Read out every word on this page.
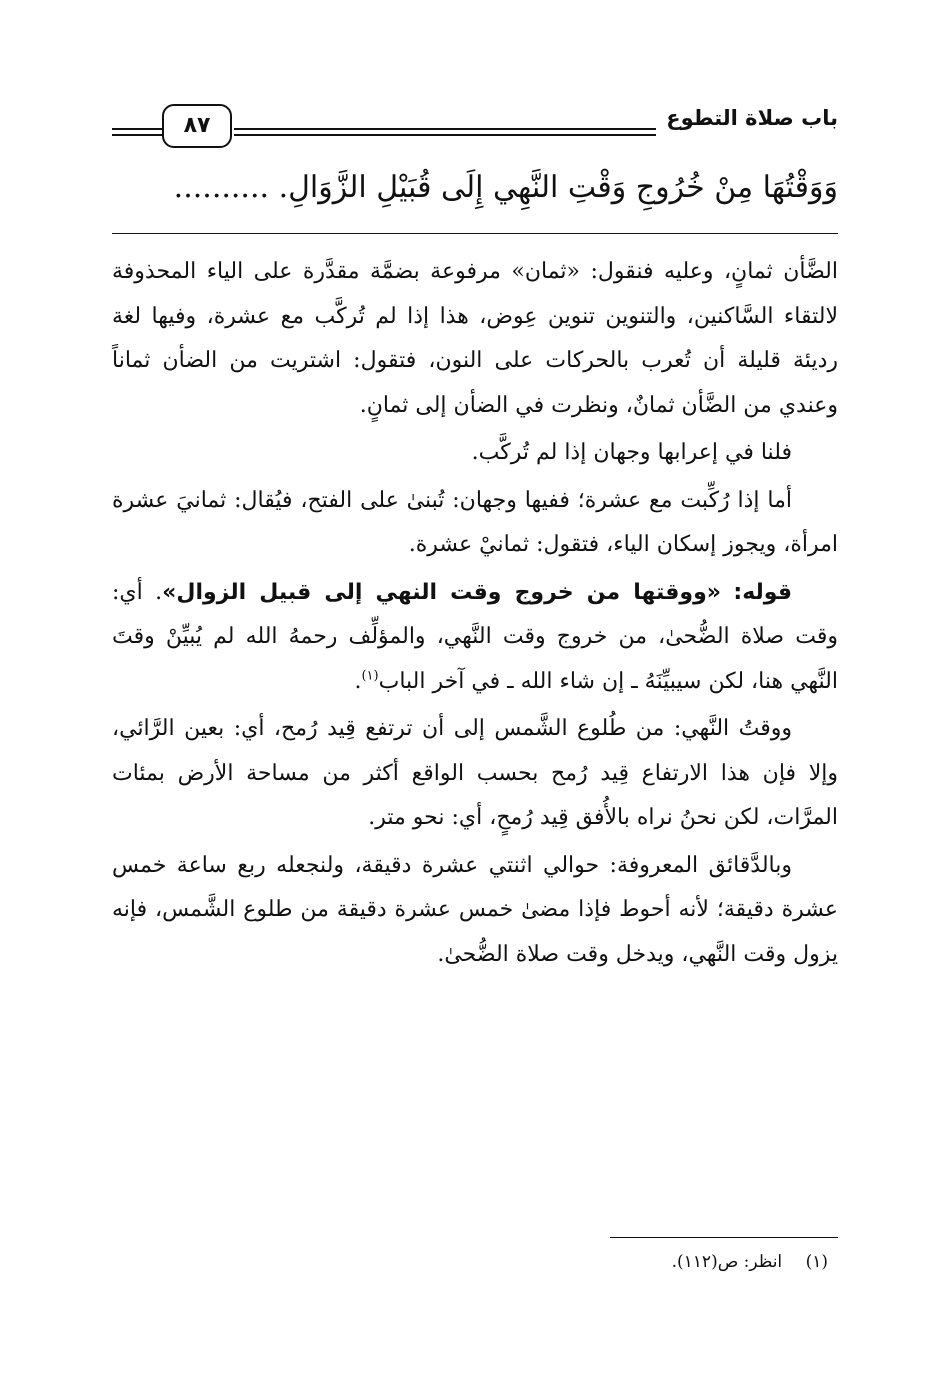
باب صلاة التطوع
٨٧
وَوَقْتُهَا مِنْ خُرُوجِ وَقْتِ النَّهِي إِلَى قُبَيْلِ الزَّوَالِ. ..........

الضَّأن ثمانٍ، وعليه فنقول: «ثمان» مرفوعة بضمَّة مقدَّرة على الياء المحذوفة لالتقاء السَّاكنين، والتنوين تنوين عِوض، هذا إذا لم تُركَّب مع عشرة، وفيها لغة رديئة قليلة أن تُعرب بالحركات على النون، فتقول: اشتريت من الضأن ثماناً وعندي من الضَّأن ثمانٌ، ونظرت في الضأن إلى ثمانٍ.

فلنا في إعرابها وجهان إذا لم تُركَّب.

أما إذا رُكِّبت مع عشرة؛ ففيها وجهان: تُبنىٰ على الفتح، فيُقال: ثمانيَ عشرة امرأة، ويجوز إسكان الياء، فتقول: ثمانيْ عشرة.

قوله: «ووقتها من خروج وقت النهي إلى قبيل الزوال». أي: وقت صلاة الضُّحىٰ، من خروج وقت النَّهي، والمؤلِّف رحمهُ الله لم يُبيِّنْ وقتَ النَّهي هنا، لكن سيبيِّنَهُ ـ إن شاء الله ـ في آخر الباب$^{(١)}$.

ووقتُ النَّهي: من طُلوع الشَّمس إلى أن ترتفع قِيد رُمح، أي: بعين الرَّائي، وإلا فإن هذا الارتفاع قِيد رُمح بحسب الواقع أكثر من مساحة الأرض بمئات المرَّات، لكن نحنُ نراه بالأُفق قِيد رُمحٍ، أي: نحو متر.

وبالدَّقائق المعروفة: حوالي اثنتي عشرة دقيقة، ولنجعله ربع ساعة خمس عشرة دقيقة؛ لأنه أحوط فإذا مضىٰ خمس عشرة دقيقة من طلوع الشَّمس، فإنه يزول وقت النَّهي، ويدخل وقت صلاة الضُّحىٰ.

(١) انظر: ص(١١٢).
